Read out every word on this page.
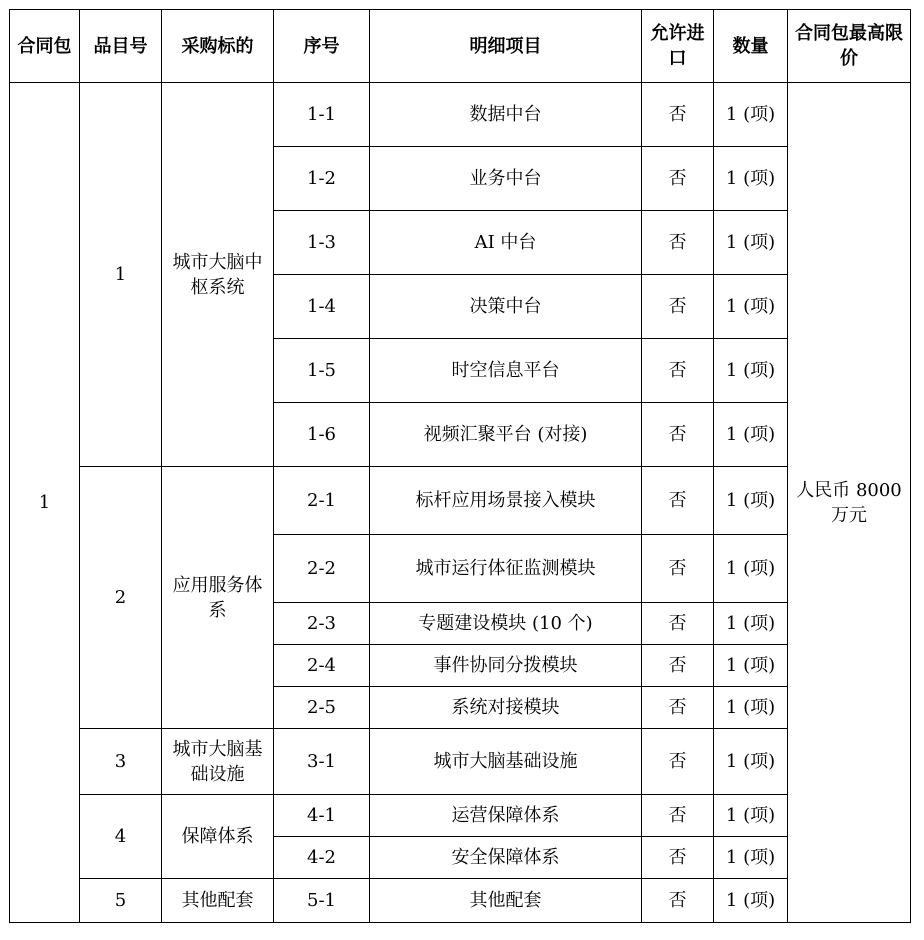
合同包	品目号	采购标的	序号	明细项目	允许进口	数量	合同包最高限价
1	1	城市大脑中枢系统	1-1	数据中台	否	1 (项)	人民币 8000 万元
			1-2	业务中台	否	1 (项)	
			1-3	AI 中台	否	1 (项)	
			1-4	决策中台	否	1 (项)	
			1-5	时空信息平台	否	1 (项)	
			1-6	视频汇聚平台 (对接)	否	1 (项)	
	2	应用服务体系	2-1	标杆应用场景接入模块	否	1 (项)	
			2-2	城市运行体征监测模块	否	1 (项)	
			2-3	专题建设模块 (10 个)	否	1 (项)	
			2-4	事件协同分拨模块	否	1 (项)	
			2-5	系统对接模块	否	1 (项)	
	3	城市大脑基础设施	3-1	城市大脑基础设施	否	1 (项)	
	4	保障体系	4-1	运营保障体系	否	1 (项)	
			4-2	安全保障体系	否	1 (项)	
	5	其他配套	5-1	其他配套	否	1 (项)	
